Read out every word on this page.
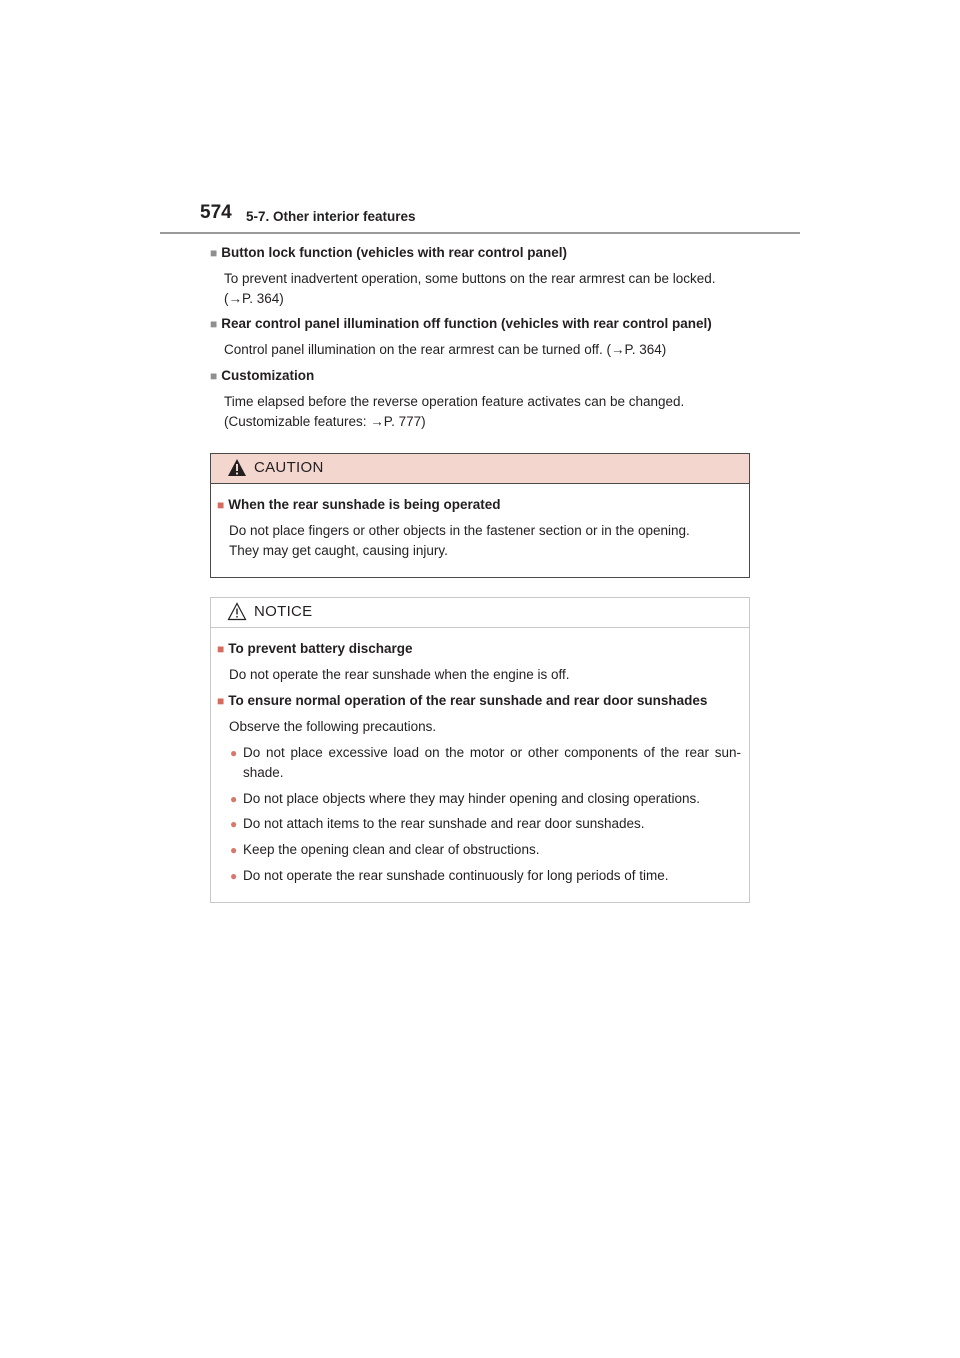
574 5-7. Other interior features
■ Button lock function (vehicles with rear control panel)
To prevent inadvertent operation, some buttons on the rear armrest can be locked.
(→P. 364)
■ Rear control panel illumination off function (vehicles with rear control panel)
Control panel illumination on the rear armrest can be turned off. (→P. 364)
■ Customization
Time elapsed before the reverse operation feature activates can be changed.
(Customizable features: →P. 777)
CAUTION
■ When the rear sunshade is being operated
Do not place fingers or other objects in the fastener section or in the opening.
They may get caught, causing injury.
NOTICE
■ To prevent battery discharge
Do not operate the rear sunshade when the engine is off.
■ To ensure normal operation of the rear sunshade and rear door sunshades
Observe the following precautions.
● Do not place excessive load on the motor or other components of the rear sun-shade.
● Do not place objects where they may hinder opening and closing operations.
● Do not attach items to the rear sunshade and rear door sunshades.
● Keep the opening clean and clear of obstructions.
● Do not operate the rear sunshade continuously for long periods of time.
